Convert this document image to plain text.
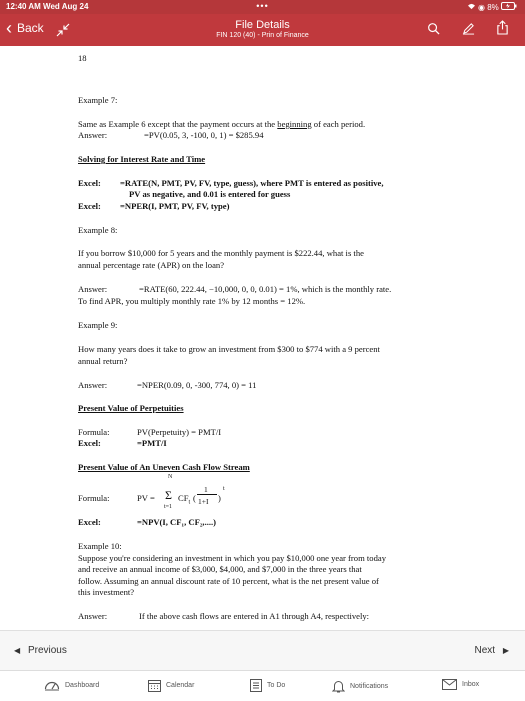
12:40 AM Wed Aug 24	•••	◉ 8%
‹ Back	File Details
FIN 120 (40) - Prin of Finance
18
Example 7:
Same as Example 6 except that the payment occurs at the beginning of each period.
Answer:	=PV(0.05, 3, -100, 0, 1) = $285.94
Solving for Interest Rate and Time
Excel: =RATE(N, PMT, PV, FV, type, guess), where PMT is entered as positive,
PV as negative, and 0.01 is entered for guess
Excel: =NPER(I, PMT, PV, FV, type)
Example 8:
If you borrow $10,000 for 5 years and the monthly payment is $222.44, what is the
annual percentage rate (APR) on the loan?
Answer:	=RATE(60, 222.44, −10,000, 0, 0, 0.01) = 1%, which is the monthly rate.
To find APR, you multiply monthly rate 1% by 12 months = 12%.
Example 9:
How many years does it take to grow an investment from $300 to $774 with a 9 percent
annual return?
Answer:	=NPER(0.09, 0, -300, 774, 0) = 11
Present Value of Perpetuities
Formula:	PV(Perpetuity) = PMT/I
Excel:	=PMT/I
Present Value of An Uneven Cash Flow Stream
Formula:	PV =
N
Σ
t=1
$CF_t$ (
1
1+I )
t
Excel:	=NPV(I, CF₁, CF₂,....)
Example 10:
Suppose you're considering an investment in which you pay $10,000 one year from today
and receive an annual income of $3,000, $4,000, and $7,000 in the three years that
follow. Assuming an annual discount rate of 10 percent, what is the net present value of
this investment?
Answer:	If the above cash flows are entered in A1 through A4, respectively:
◀ Previous	Next ▶
Dashboard	Calendar	To Do	Notifications	Inbox
